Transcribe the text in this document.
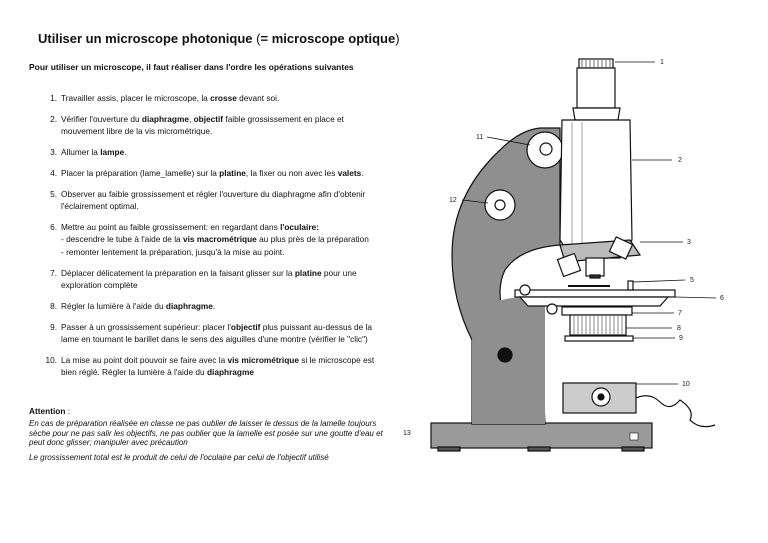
Utiliser un microscope photonique (= microscope optique)
Pour utiliser un microscope, il faut réaliser dans l'ordre les opérations suivantes
1. Travailler assis, placer le microscope, la crosse devant soi.
2. Vérifier l'ouverture du diaphragme, objectif faible grossissement en place et mouvement libre de la vis micrométrique.
3. Allumer la lampe.
4. Placer la préparation (lame_lamelle) sur la platine, la fixer ou non avec les valets.
5. Observer au faible grossissement et régler l'ouverture du diaphragme afin d'obtenir l'éclairement optimal.
6. Mettre au point au faible grossissement: en regardant dans l'oculaire:
- descendre le tube à l'aide de la vis macrométrique au plus près de la préparation
- remonter lentement la préparation, jusqu'à la mise au point.
7. Déplacer délicatement la préparation en la faisant glisser sur la platine pour une exploration complète
8. Régler la lumière à l'aide du diaphragme.
9. Passer à un grossissement supérieur: placer l'objectif plus puissant au-dessus de la lame en tournant le barillet dans le sens des aiguilles d'une montre (vérifier le "clic")
10. La mise au point doit pouvoir se faire avec la vis micrométrique si le microscope est bien réglé. Régler la lumière à l'aide du diaphragme
Attention :
En cas de préparation réalisée en classe ne pas oublier de laisser le dessus de la lamelle toujours sèche pour ne pas salir les objectifs, ne pas oublier que la lamelle est posée sur une goutte d'eau et peut donc glisser; manipuler avec précaution
Le grossissement total est le produit de celui de l'oculaire par celui de l'objectif utilisé
1
2
3
5
6
7
8
9
10
11
12
13
